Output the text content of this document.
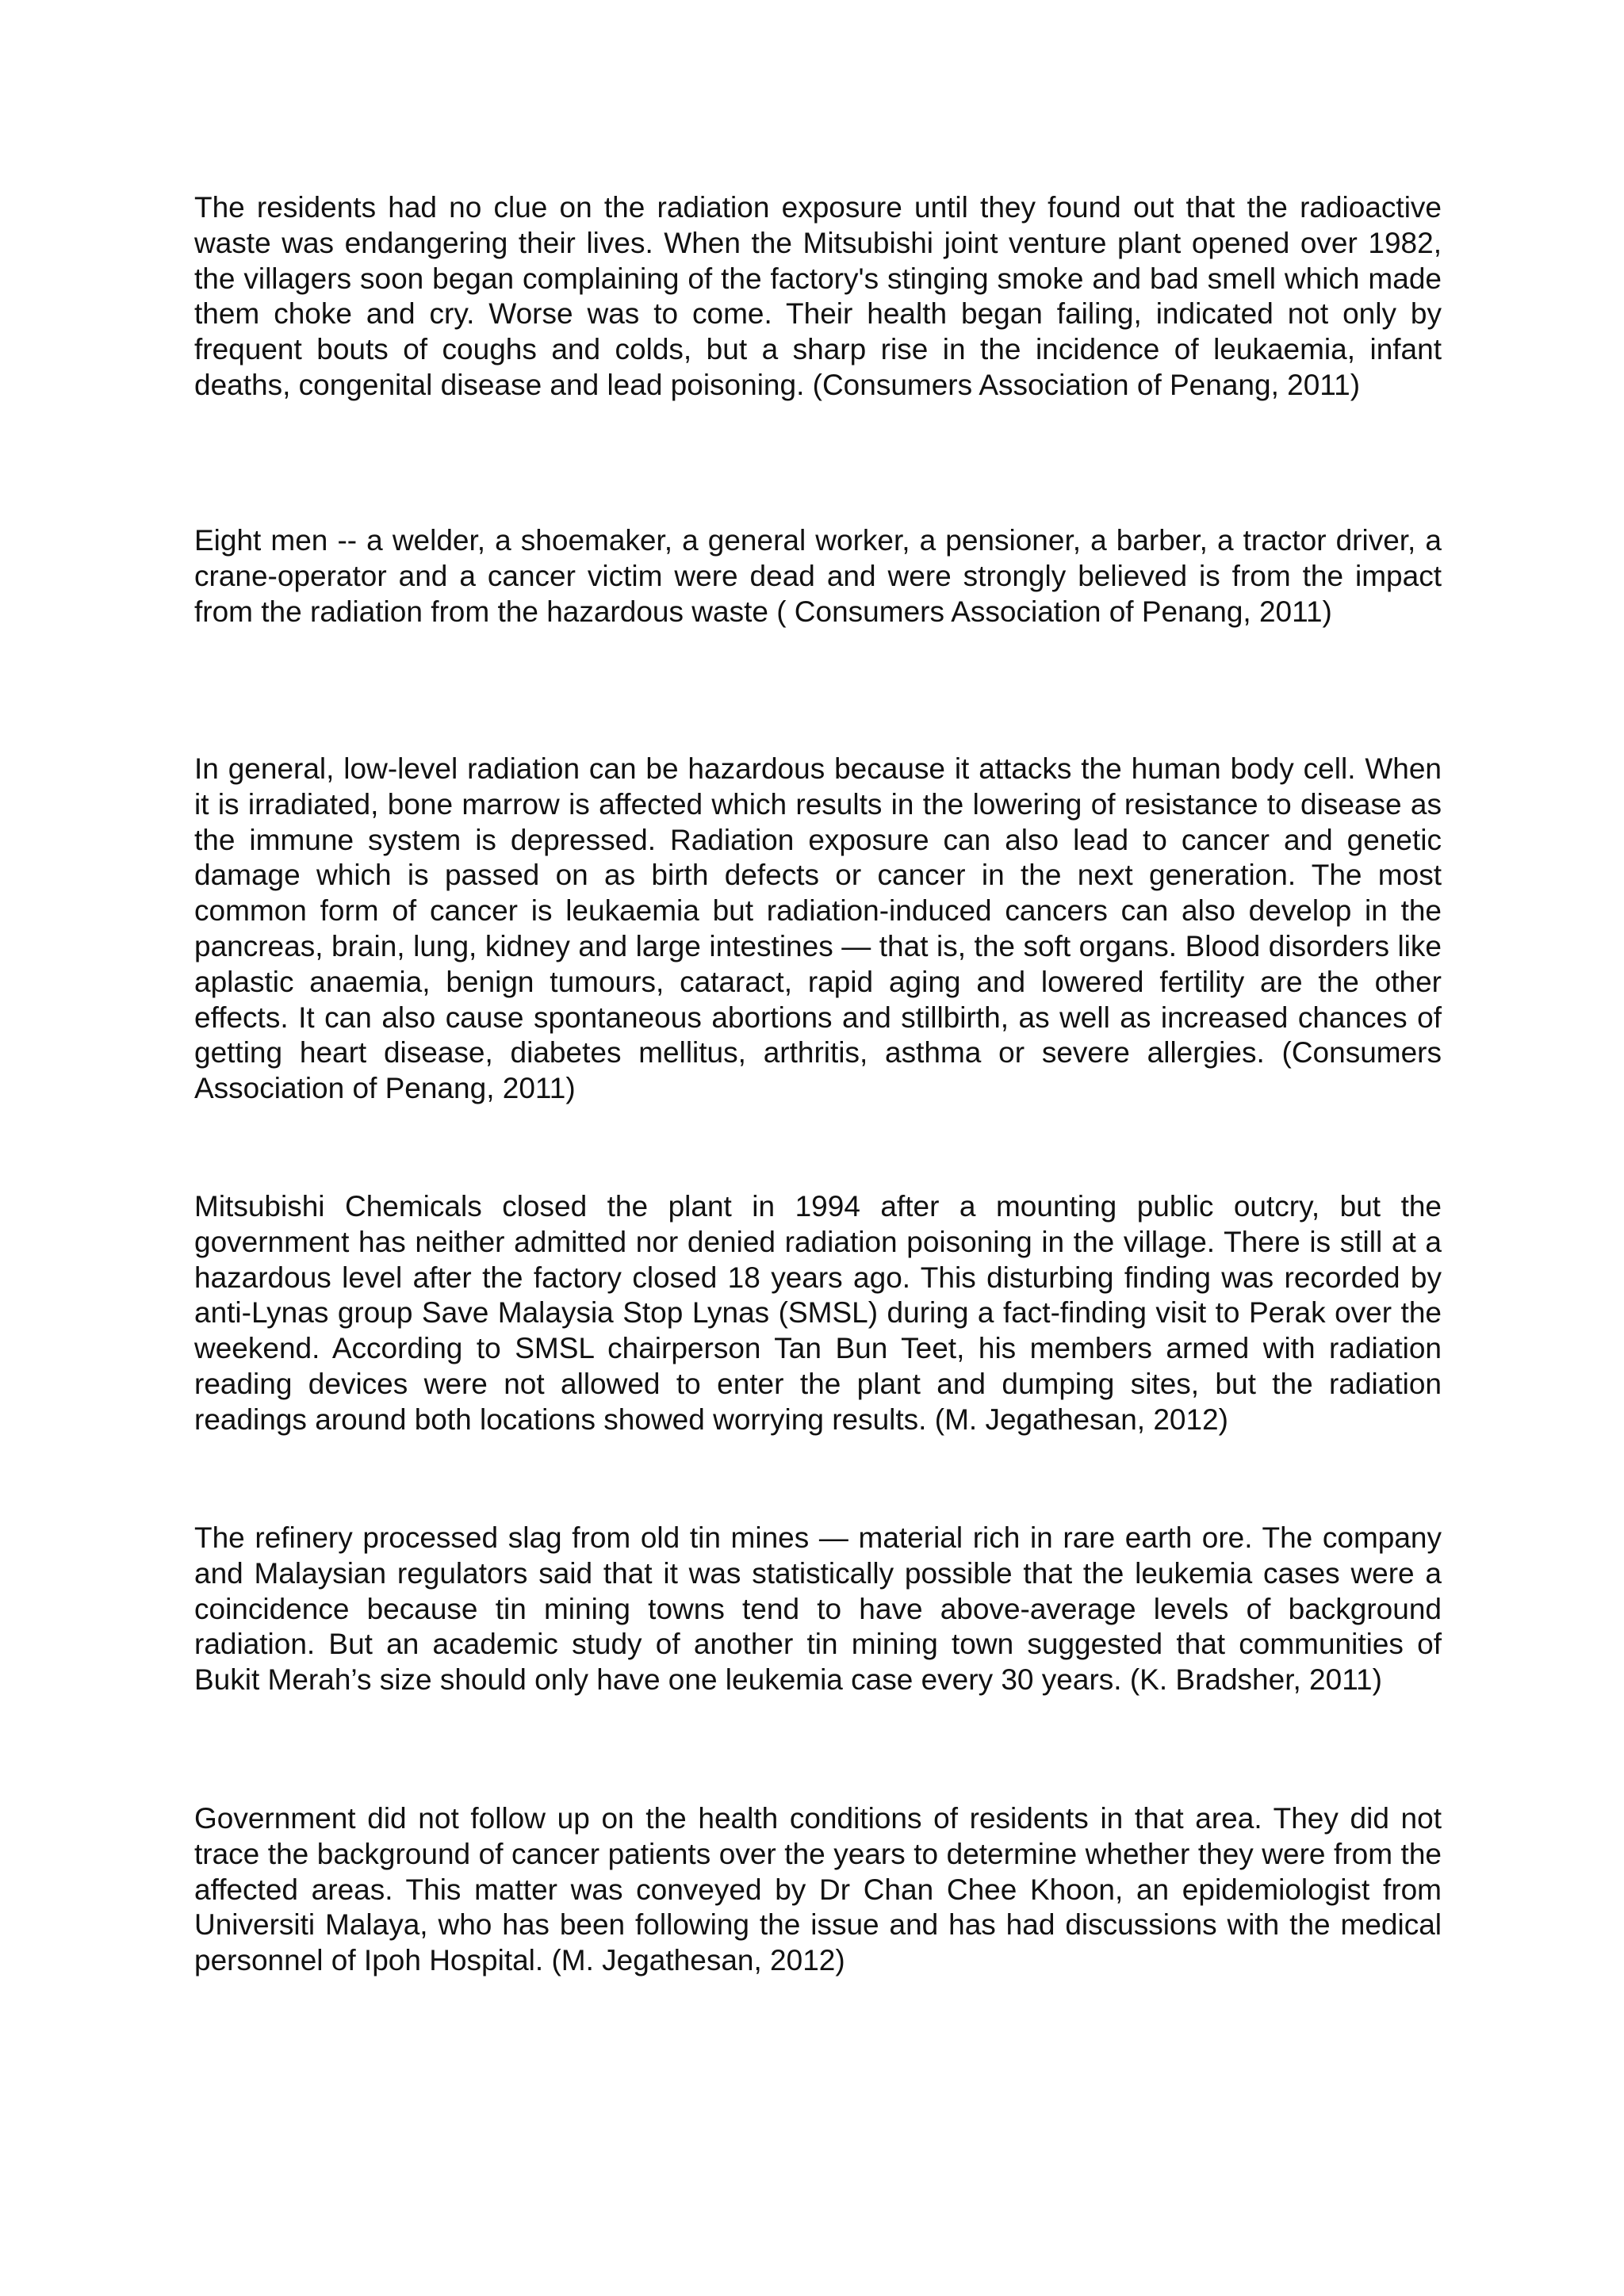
The residents had no clue on the radiation exposure until they found out that the radioactive waste was endangering their lives. When the Mitsubishi joint venture plant opened over 1982, the villagers soon began complaining of the factory's stinging smoke and bad smell which made them choke and cry. Worse was to come. Their health began failing, indicated not only by frequent bouts of coughs and colds, but a sharp rise in the incidence of leukaemia, infant deaths, congenital disease and lead poisoning. (Consumers Association of Penang, 2011)

Eight men -- a welder, a shoemaker, a general worker, a pensioner, a barber, a tractor driver, a crane-operator and a cancer victim were dead and were strongly believed is from the impact from the radiation from the hazardous waste ( Consumers Association of Penang, 2011)

In general, low-level radiation can be hazardous because it attacks the human body cell. When it is irradiated, bone marrow is affected which results in the lowering of resistance to disease as the immune system is depressed. Radiation exposure can also lead to cancer and genetic damage which is passed on as birth defects or cancer in the next generation. The most common form of cancer is leukaemia but radiation-induced cancers can also develop in the pancreas, brain, lung, kidney and large intestines — that is, the soft organs. Blood disorders like aplastic anaemia, benign tumours, cataract, rapid aging and lowered fertility are the other effects. It can also cause spontaneous abortions and stillbirth, as well as increased chances of getting heart disease, diabetes mellitus, arthritis, asthma or severe allergies. (Consumers Association of Penang, 2011)

Mitsubishi Chemicals closed the plant in 1994 after a mounting public outcry, but the government has neither admitted nor denied radiation poisoning in the village. There is still at a hazardous level after the factory closed 18 years ago. This disturbing finding was recorded by anti-Lynas group Save Malaysia Stop Lynas (SMSL) during a fact-finding visit to Perak over the weekend. According to SMSL chairperson Tan Bun Teet, his members armed with radiation reading devices were not allowed to enter the plant and dumping sites, but the radiation readings around both locations showed worrying results. (M. Jegathesan, 2012)

The refinery processed slag from old tin mines — material rich in rare earth ore. The company and Malaysian regulators said that it was statistically possible that the leukemia cases were a coincidence because tin mining towns tend to have above-average levels of background radiation. But an academic study of another tin mining town suggested that communities of Bukit Merah’s size should only have one leukemia case every 30 years. (K. Bradsher, 2011)

Government did not follow up on the health conditions of residents in that area. They did not trace the background of cancer patients over the years to determine whether they were from the affected areas. This matter was conveyed by Dr Chan Chee Khoon, an epidemiologist from Universiti Malaya, who has been following the issue and has had discussions with the medical personnel of Ipoh Hospital. (M. Jegathesan, 2012)
